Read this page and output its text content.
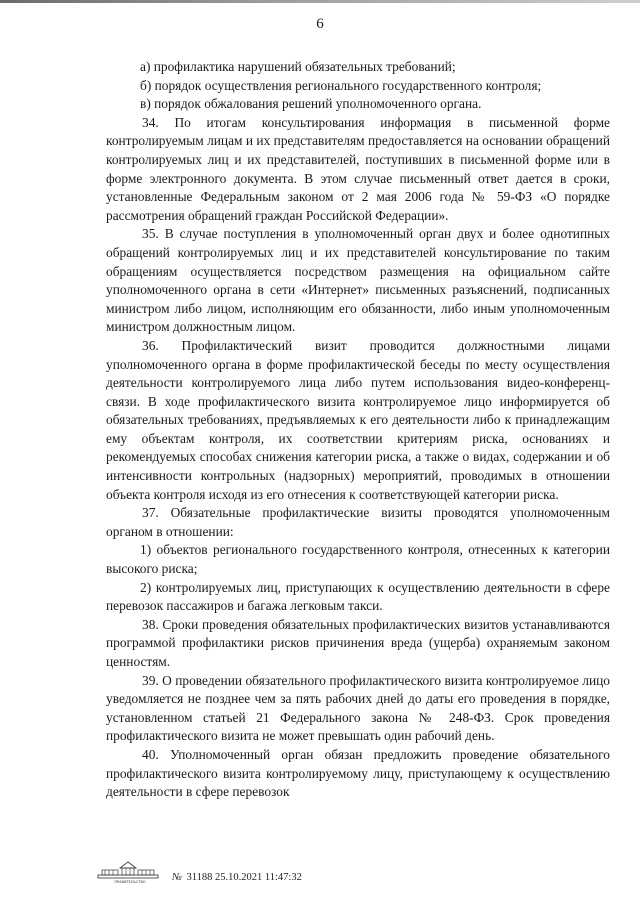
6

а) профилактика нарушений обязательных требований;

б) порядок осуществления регионального государственного контроля;

в) порядок обжалования решений уполномоченного органа.

34. По итогам консультирования информация в письменной форме контролируемым лицам и их представителям предоставляется на основании обращений контролируемых лиц и их представителей, поступивших в письменной форме или в форме электронного документа. В этом случае письменный ответ дается в сроки, установленные Федеральным законом от 2 мая 2006 года № 59-ФЗ «О порядке рассмотрения обращений граждан Российской Федерации».

35. В случае поступления в уполномоченный орган двух и более однотипных обращений контролируемых лиц и их представителей консультирование по таким обращениям осуществляется посредством размещения на официальном сайте уполномоченного органа в сети «Интернет» письменных разъяснений, подписанных министром либо лицом, исполняющим его обязанности, либо иным уполномоченным министром должностным лицом.

36. Профилактический визит проводится должностными лицами уполномоченного органа в форме профилактической беседы по месту осуществления деятельности контролируемого лица либо путем использования видео-конференц-связи. В ходе профилактического визита контролируемое лицо информируется об обязательных требованиях, предъявляемых к его деятельности либо к принадлежащим ему объектам контроля, их соответствии критериям риска, основаниях и рекомендуемых способах снижения категории риска, а также о видах, содержании и об интенсивности контрольных (надзорных) мероприятий, проводимых в отношении объекта контроля исходя из его отнесения к соответствующей категории риска.

37. Обязательные профилактические визиты проводятся уполномоченным органом в отношении:

1) объектов регионального государственного контроля, отнесенных к категории высокого риска;

2) контролируемых лиц, приступающих к осуществлению деятельности в сфере перевозок пассажиров и багажа легковым такси.

38. Сроки проведения обязательных профилактических визитов устанавливаются программой профилактики рисков причинения вреда (ущерба) охраняемым законом ценностям.

39. О проведении обязательного профилактического визита контролируемое лицо уведомляется не позднее чем за пять рабочих дней до даты его проведения в порядке, установленном статьей 21 Федерального закона № 248-ФЗ. Срок проведения профилактического визита не может превышать один рабочий день.

40. Уполномоченный орган обязан предложить проведение обязательного профилактического визита контролируемому лицу, приступающему к осуществлению деятельности в сфере перевозок

ПРАВИТЕЛЬСТВО	№ 31188 25.10.2021 11:47:32
